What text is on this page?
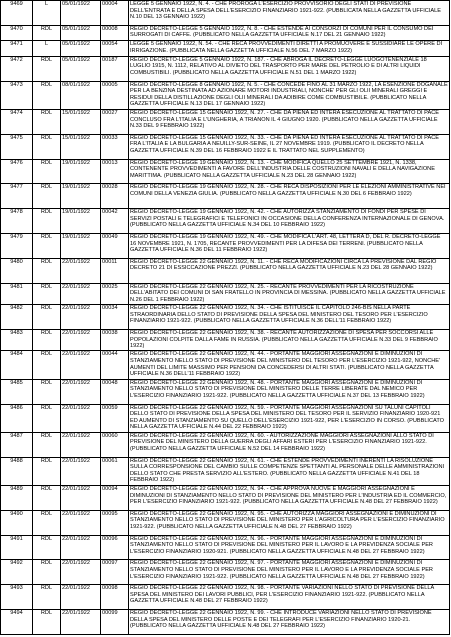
9469	L	05/01/1922	00004	LEGGE 5 GENNAIO 1922, N. 4. - CHE PROROGA L'ESERCIZIO PROVVISORIO DEGLI STATI DI PREVISIONE DELL'ENTRATA E DELLA SPESA DELL'ESERCIZIO FINANZIARIO 1921-922. (PUBBLICATA NELLA GAZZETTA UFFICIALE N.10 DEL 13 GENNAIO 1922)
9470	RDL	05/01/1922	00008	REGIO DECRETO-LEGGE 5 GENNAIO 1922, N. 8. - CHE ESTENDE AI CONSORZI DI COMUNI PER IL CONSUMO DEI SURROGATI DI CAFFE. (PUBBLICATO NELLA GAZZETTA UFFICIALE N.17 DEL 21 GENNAIO 1922)
9471	L	05/01/1922	00054	LEGGE 5 GENNAIO 1922, N. 54. - CHE RECA PROVVEDIMENTI DIRETTI A PROMUOVERE E SUSSIDIARE LE OPERE DI IRRIGAZIONE. (PUBBLICATA NELLA GAZZETTA UFFICIALE N.56 DEL 7 MARZO 1922)
9472	RDL	05/01/1922	00187	REGIO DECRETO-LEGGE 5 GENNAIO 1922, N. 187. - CHE ABROGA IL DECRETO-LEGGE LUOGOTENENZIALE 18 LUGLIO 1915, N. 1112, RELATIVO AL DIVIETO DEL TRASPORTO PER MARE DEL PETROLIO E DI ALTRI LIQUIDI COMBUSTIBILI. (PUBBLICATO NELLA GAZZETTA UFFICIALE N.51 DEL 1 MARZO 1922)
9473	RDL	08/01/1922	00005	REGIO DECRETO-LEGGE 8 GENNAIO 1922, N. 5. - CHE CONCEDE FINO AL 31 MARZO 1922, LA ESENZIONE DOGANALE PER LA BENZINA DESTINATA AD AZIONARE MOTORI INDUSTRIALI, NONCHE' PER GLI OLII MINERALI GREGGI E RESIDUI DELLA DISTILLAZIONE DEGLI OLII MINERALI DA ADIBIRE COME COMBUSTIBILE. (PUBBLICATO NELLA GAZZETTA UFFICIALE N.13 DEL 17 GENNAIO 1922)
9474	RDL	15/01/1922	00027	REGIO DECRETO-LEGGE 15 GENNAIO 1922, N. 27. - CHE DA PIENA ED INTERA ESECUZIONE AL TRATTATO DI PACE CONCLUSO FRA L'ITALIA E L'UNGHERIA, A TRIANON IL 4 GIUGNO 1920. (PUBBLICATO NELLA GAZZETTA UFFICIALE N.33 DEL 9 FEBBRAIO 1922)
9475	RDL	15/01/1922	00033	REGIO DECRETO-LEGGE 15 GENNAIO 1922, N. 33. - CHE DA PIENA ED INTERA ESECUZIONE AL TRATTATO DI PACE FRA L'ITALIA E LA BULGARIA A NEUILLY-SUR-SEINE, IL 27 NOVEMBRE 1919. (PUBBLICATO IL DECRETO NELLA GAZZETTA UFFICIALE N.39 DEL 16 FEBBRAIO 1922 E IL TRATTATO NEL SUPPLEMENTO)
9476	RDL	19/01/1922	00013	REGIO DECRETO-LEGGE 19 GENNAIO 1922, N. 13. - CHE MODIFICA QUELLO 25 SETTEMBRE 1921, N. 1338, CONTENENTE PROVVEDIMENTI A FAVORE DELL'INDUSTRIA DELLE COSTRUZIONI NAVALI E DELLA NAVIGAZIONE MARITTIMA. (PUBBLICATO NELLA GAZZETTA UFFICIALE N.23 DEL 28 GENNAIO 1922)
9477	RDL	19/01/1922	00028	REGIO DECRETO-LEGGE 19 GENNAIO 1922, N. 28. - CHE RECA DISPOSIZIONI PER LE ELEZIONI AMMINISTRATIVE NEI COMUNI DELLA VENEZIA GIULIA. (PUBBLICATO NELLA GAZZETTA UFFICIALE N.30 DEL 6 FEBBRAIO 1922)
9478	RDL	19/01/1922	00042	REGIO DECRETO-LEGGE 19 GENNAIO 1922, N. 42. - CHE AUTORIZZA STANZIAMENTO DI FONDI PER SPESE DI SERVIZI POSTALI E TELEGRAFICI E TELEFONICI IN OCCASIONE DELLA CONFERENZA INTERNAZIONALE DI GENOVA. (PUBBLICATO NELLA GAZZETTA UFFICIALE N.34 DEL 10 FEBBRAIO 1922)
9479	RDL	19/01/1922	00049	REGIO DECRETO-LEGGE 19 GENNAIO 1922, N. 49. - CHE MODIFICA L'ART. 48, LETTERA D, DEL R. DECRETO-LEGGE 16 NOVEMBRE 1921, N. 1705, RECANTE PROVVEDIMENTI PER LA DIFESA DEI TERRENI. (PUBBLICATO NELLA GAZZETTA UFFICIALE N.36 DEL 11 FEBBRAIO 1922)
9480	RDL	22/01/1922	00011	REGIO DECRETO-LEGGE 22 GENNAIO 1922, N. 11. - CHE RECA MODIFICAZIONI CIRCA LA PREVISIONE DAL REGIO DECRETO 21 DI ESSICCAZIONE PREZZI. (PUBBLICATO NELLA GAZZETTA UFFICIALE N.23 DEL 28 GENNAIO 1922)
9481	RDL	22/01/1922	00025	REGIO DECRETO-LEGGE 22 GENNAIO 1922, N. 25. - RECANTE PROVVEDIMENTI PER LA RICOSTRUZIONE DELL'ABITATO DEI COMUNI DI SAN FRATELLO IN PROVINCIA DI MESSINA. (PUBBLICATO NELLA GAZZETTA UFFICIALE N.26 DEL 1 FEBBRAIO 1922)
9482	RDL	22/01/1922	00034	REGIO DECRETO-LEGGE 22 GENNAIO 1922, N. 34. - CHE ISTITUISCE IL CAPITOLO 246-BIS NELLA PARTE STRAORDINARIA DELLO STATO DI PREVISIONE DELLA SPESA DEL MINISTERO DEL TESORO PER L'ESERCIZIO FINANZIARIO 1921-922. (PUBBLICATO NELLA GAZZETTA UFFICIALE N.36 DELL'11 FEBBRAIO 1922)
9483	RDL	22/01/1922	00038	REGIO DECRETO-LEGGE 22 GENNAIO 1922, N. 38. - RECANTE AUTORIZZAZIONE DI SPESA PER SOCCORSI ALLE POPOLAZIONI COLPITE DALLA FAME IN RUSSIA. (PUBBLICATO NELLA GAZZETTA UFFICIALE N.33 DEL 9 FEBBRAIO 1922)
9484	RDL	22/01/1922	00044	REGIO DECRETO-LEGGE 22 GENNAIO 1922, N. 44. - PORTANTE MAGGIORI ASSEGNAZIONI E DIMINUZIONI DI STANZIAMENTO NELLO STATO DI PREVISIONE DEL MINISTERO DEL TESORO PER L'ESERCIZIO 1921-922, NONCHE' AUMENTI DEL LIMITE MASSIMO PER PENSIONI DA CONCEDERSI DI ALTRI STATI. (PUBBLICATO NELLA GAZZETTA UFFICIALE N.36 DELL'11 FEBBRAIO 1922)
9485	RDL	22/01/1922	00048	REGIO DECRETO-LEGGE 22 GENNAIO 1922, N. 48. - PORTANTE MAGGIORI ASSEGNAZIONI E DIMINUZIONI DI STANZIAMENTO NELLO STATO DI PREVISIONE DEL MINISTERO DELLE TERRE LIBERATE DAL NEMICO PER L'ESERCIZIO FINANZIARIO 1921-922. (PUBBLICATO NELLA GAZZETTA UFFICIALE N.37 DEL 13 FEBBRAIO 1922)
9486	RDL	22/01/1922	00059	REGIO DECRETO-LEGGE 22 GENNAIO 1922, N. 59. - PORTANTE MAGGIORI ASSEGNAZIONI SU TALUNI CAPITOLI DELLO STATO DI PREVISIONE DELLA SPESA DEL MINISTERO DEL TESORO PER IL SERVIZIO FINANZIARIO 1920-921 ED AUMENTO DI STANZIAMENTO SU QUELLO DELL'ESERCIZIO 1921-922, PER L'ESERCIZIO IN CORSO. (PUBBLICATO NELLA GAZZETTA UFFICIALE N.44 DEL 22 FEBBRAIO 1922)
9487	RDL	22/01/1922	00060	REGIO DECRETO-LEGGE 22 GENNAIO 1922, N. 60. - AUTORIZZAZIONE MAGGIORI ASSEGNAZIONI ALLO STATO DI PREVISIONE DEL MINISTERO DELLA GUERRA DEGLI AFFARI ESTERI PER L'ESERCIZIO FINANZIARIO 1921-922. (PUBBLICATO NELLA GAZZETTA UFFICIALE N.52 DEL 14 FEBBRAIO 1922)
9488	RDL	22/01/1922	00061	REGIO DECRETO-LEGGE 22 GENNAIO 1922, N. 61. - CHE ESTENDE PROVVEDIMENTI INERENTI LA RISOLUZIONE SULLA CORRESPONSIONE DEL CAMBIO SULLE COMPETENZE SPETTANTI AL PERSONALE DELLE AMMINISTRAZIONI DELLO STATO CHE PRESTA SERVIZIO ALL'ESTERO. (PUBBLICATO NELLA GAZZETTA UFFICIALE N.41 DEL 18 FEBBRAIO 1922)
9489	RDL	22/01/1922	00094	REGIO DECRETO-LEGGE 22 GENNAIO 1922, N. 94. - CHE APPROVA NUOVE E MAGGIORI ASSEGNAZIONI E DIMINUZIONI DI STANZIAMENTO NELLO STATO DI PREVISIONE DEL MINISTERO PER L'INDUSTRIA ED IL COMMERCIO, PER L'ESERCIZIO FINANZIARIO 1921-922. (PUBBLICATO NELLA GAZZETTA UFFICIALE N.48 DEL 27 FEBBRAIO 1922)
9490	RDL	22/01/1922	00095	REGIO DECRETO-LEGGE 22 GENNAIO 1922, N. 95. - CHE AUTORIZZA MAGGIORI ASSEGNAZIONI E DIMINUZIONI DI STANZIAMENTO NELLO STATO DI PREVISIONE DEL MINISTERO PER L'AGRICOLTURA PER L'ESERCIZIO FINANZIARIO 1921-922. (PUBBLICATO NELLA GAZZETTA UFFICIALE N.48 DEL 27 FEBBRAIO 1922)
9491	RDL	22/01/1922	00096	REGIO DECRETO-LEGGE 22 GENNAIO 1922, N. 96. - PORTANTE MAGGIORI ASSEGNAZIONI E DIMINUZIONI DI STANZIAMENTO NELLO STATO DI PREVISIONE DEL MINISTERO PER IL LAVORO E LA PREVIDENZA SOCIALE PER L'ESERCIZIO FINANZIARIO 1920-921. (PUBBLICATO NELLA GAZZETTA UFFICIALE N.48 DEL 27 FEBBRAIO 1922)
9492	RDL	22/01/1922	00097	REGIO DECRETO-LEGGE 22 GENNAIO 1922, N. 97. - PORTANTE MAGGIORI ASSEGNAZIONI E DIMINUZIONI DI STANZIAMENTO NELLO STATO DI PREVISIONE DEL MINISTERO PER IL LAVORO E LA PREVIDENZA SOCIALE PER L'ESERCIZIO FINANZIARIO 1921-922. (PUBBLICATO NELLA GAZZETTA UFFICIALE N.48 DEL 27 FEBBRAIO 1922)
9493	RDL	22/01/1922	00098	REGIO DECRETO-LEGGE 22 GENNAIO 1922, N. 98. - PORTANTE VARIAZIONI NELLO STATO DI PREVISIONE DELLA SPESA DEL MINISTERO DEI LAVORI PUBBLICI, PER L'ESERCIZIO FINANZIARIO 1921-922. (PUBBLICATO NELLA GAZZETTA UFFICIALE N.48 DEL 27 FEBBRAIO 1922)
9494	RDL	22/01/1922	00099	REGIO DECRETO-LEGGE 22 GENNAIO 1922, N. 99. - CHE INTRODUCE VARIAZIONI NELLO STATO DI PREVISIONE DELLA SPESA DEL MINISTERO DELLE POSTE E DEI TELEGRAFI PER L'ESERCIZIO FINANZIARIO 1920-21. (PUBBLICATO NELLA GAZZETTA UFFICIALE N.48 DEL 27 FEBBRAIO 1922)
